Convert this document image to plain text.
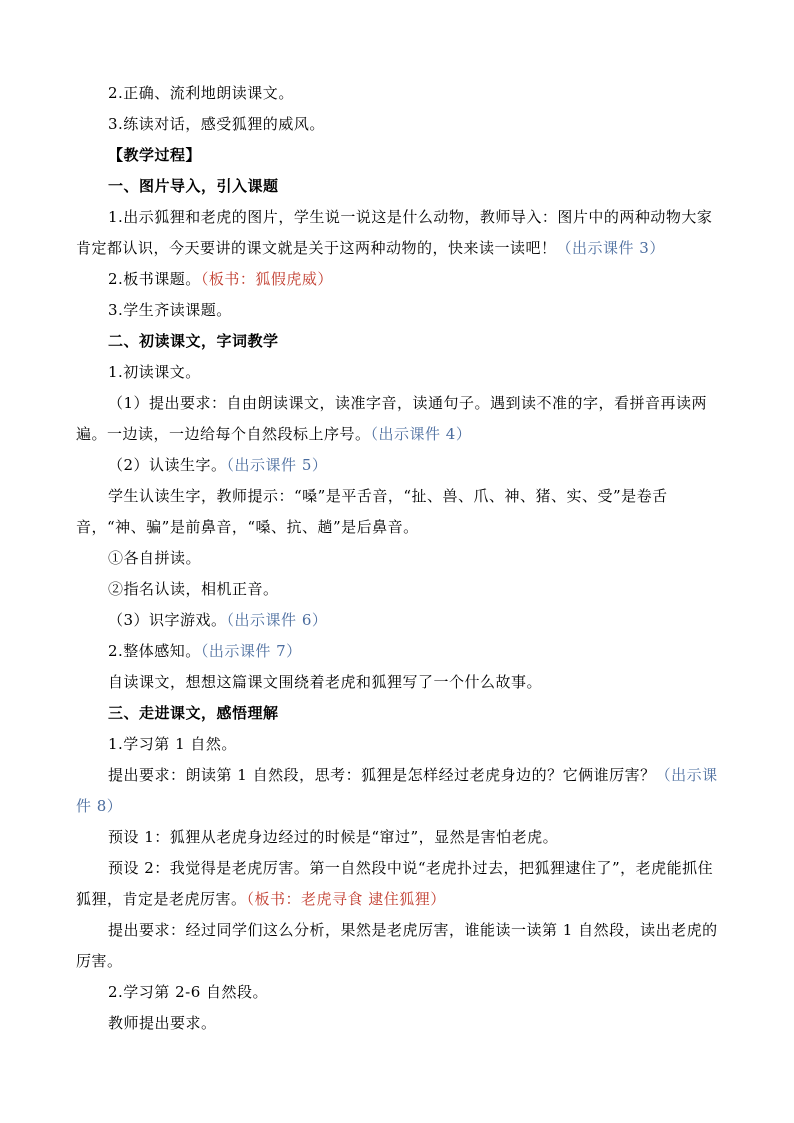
2.正确、流利地朗读课文。

3.练读对话，感受狐狸的威风。

【教学过程】

一、图片导入，引入课题

1.出示狐狸和老虎的图片，学生说一说这是什么动物，教师导入：图片中的两种动物大家肯定都认识，今天要讲的课文就是关于这两种动物的，快来读一读吧！（出示课件 3）

2.板书课题。（板书：狐假虎威）

3.学生齐读课题。

二、初读课文，字词教学

1.初读课文。

（1）提出要求：自由朗读课文，读准字音，读通句子。遇到读不准的字，看拼音再读两遍。一边读，一边给每个自然段标上序号。（出示课件 4）

（2）认读生字。（出示课件 5）

学生认读生字，教师提示：“嗓”是平舌音，“扯、兽、爪、神、猪、实、受”是卷舌音，“神、骗”是前鼻音，“嗓、抗、趟”是后鼻音。

①各自拼读。

②指名认读，相机正音。

（3）识字游戏。（出示课件 6）

2.整体感知。（出示课件 7）

自读课文，想想这篇课文围绕着老虎和狐狸写了一个什么故事。

三、走进课文，感悟理解

1.学习第 1 自然。

提出要求：朗读第 1 自然段，思考：狐狸是怎样经过老虎身边的？它俩谁厉害？（出示课件 8）

预设 1：狐狸从老虎身边经过的时候是“窜过”，显然是害怕老虎。

预设 2：我觉得是老虎厉害。第一自然段中说“老虎扑过去，把狐狸逮住了”，老虎能抓住狐狸，肯定是老虎厉害。（板书：老虎寻食 逮住狐狸）

提出要求：经过同学们这么分析，果然是老虎厉害，谁能读一读第 1 自然段，读出老虎的厉害。

2.学习第 2-6 自然段。

教师提出要求。
